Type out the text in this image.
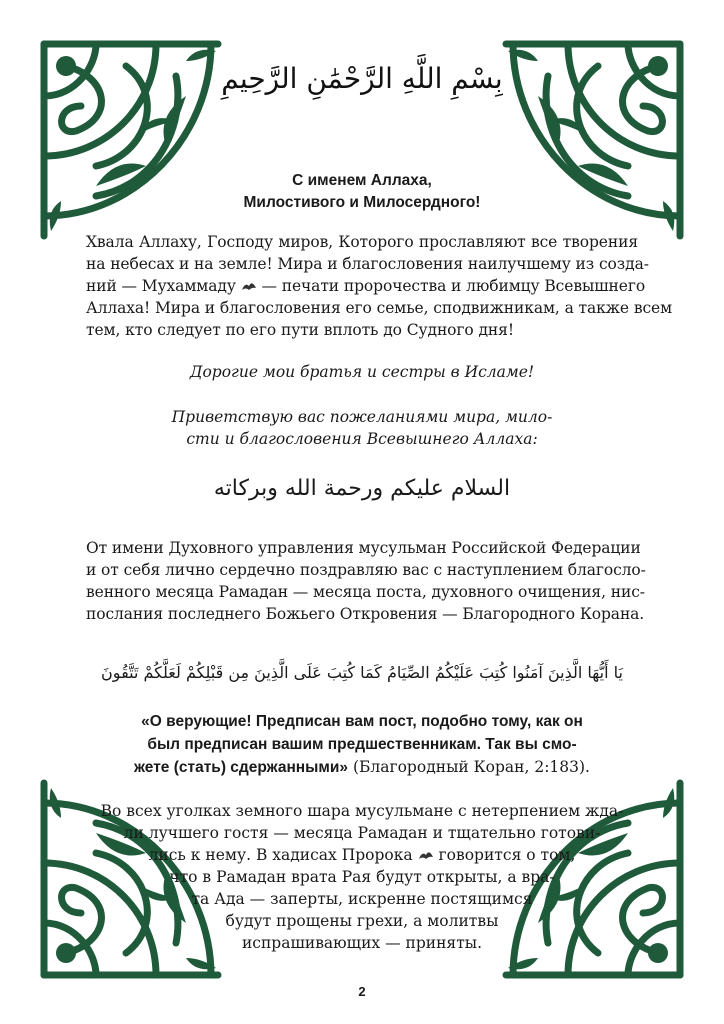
بِسْمِ اللَّهِ الرَّحْمَٰنِ الرَّحِيمِ
С именем Аллаха,
Милостивого и Милосердного!
Хвала Аллаху, Господу миров, Которого прославляют все творения
на небесах и на земле! Мира и благословения наилучшему из созда-
ний — Мухаммаду — печати пророчества и любимцу Всевышнего
Аллаха! Мира и благословения его семье, сподвижникам, а также всем
тем, кто следует по его пути вплоть до Судного дня!
Дорогие мои братья и сестры в Исламе!
Приветствую вас пожеланиями мира, мило-
сти и благословения Всевышнего Аллаха:
السلام عليكم ورحمة الله وبركاته
От имени Духовного управления мусульман Российской Федерации
и от себя лично сердечно поздравляю вас с наступлением благосло-
венного месяца Рамадан — месяца поста, духовного очищения, нис-
послания последнего Божьего Откровения — Благородного Корана.
يَا أَيُّهَا الَّذِينَ آمَنُوا كُتِبَ عَلَيْكُمُ الصِّيَامُ كَمَا كُتِبَ عَلَى الَّذِينَ مِن قَبْلِكُمْ لَعَلَّكُمْ تَتَّقُونَ
«О верующие! Предписан вам пост, подобно тому, как он
был предписан вашим предшественникам. Так вы смо-
жете (стать) сдержанными» (Благородный Коран, 2:183).
Во всех уголках земного шара мусульмане с нетерпением жда-
ли лучшего гостя — месяца Рамадан и тщательно готови-
лись к нему. В хадисах Пророка говорится о том,
что в Рамадан врата Рая будут открыты, а вра-
та Ада — заперты, искренне постящимся
будут прощены грехи, а молитвы
испрашивающих — приняты.
2
